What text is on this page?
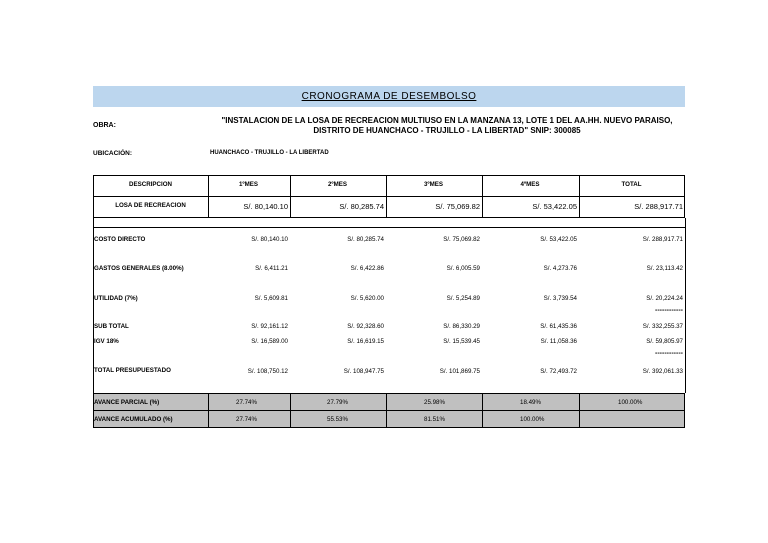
CRONOGRAMA DE DESEMBOLSO
OBRA:
"INSTALACION DE LA LOSA DE RECREACION MULTIUSO EN LA MANZANA 13, LOTE 1 DEL AA.HH. NUEVO PARAISO,
DISTRITO DE HUANCHACO - TRUJILLO - LA LIBERTAD" SNIP: 300085
UBICACIÓN:	HUANCHACO - TRUJILLO - LA LIBERTAD
DESCRIPCION	1ºMES	2ºMES	3ºMES	4ºMES	TOTAL
LOSA DE RECREACION	S/. 80,140.10	S/. 80,285.74	S/. 75,069.82	S/. 53,422.05	S/. 288,917.71
COSTO DIRECTO	S/. 80,140.10	S/. 80,285.74	S/. 75,069.82	S/. 53,422.05	S/. 288,917.71
GASTOS GENERALES (8.00%)	S/. 6,411.21	S/. 6,422.86	S/. 6,005.59	S/. 4,273.76	S/. 23,113.42
UTILIDAD (7%)	S/. 5,609.81	S/. 5,620.00	S/. 5,254.89	S/. 3,739.54	S/. 20,224.24
------------
SUB TOTAL	S/. 92,161.12	S/. 92,328.60	S/. 86,330.29	S/. 61,435.36	S/. 332,255.37
IGV 18%	S/. 16,589.00	S/. 16,619.15	S/. 15,539.45	S/. 11,058.36	S/. 59,805.97
------------
TOTAL PRESUPUESTADO	S/. 108,750.12	S/. 108,947.75	S/. 101,869.75	S/. 72,493.72	S/. 392,061.33
AVANCE PARCIAL (%)	27.74%	27.79%	25.98%	18.49%	100.00%
AVANCE ACUMULADO (%)	27.74%	55.53%	81.51%	100.00%
